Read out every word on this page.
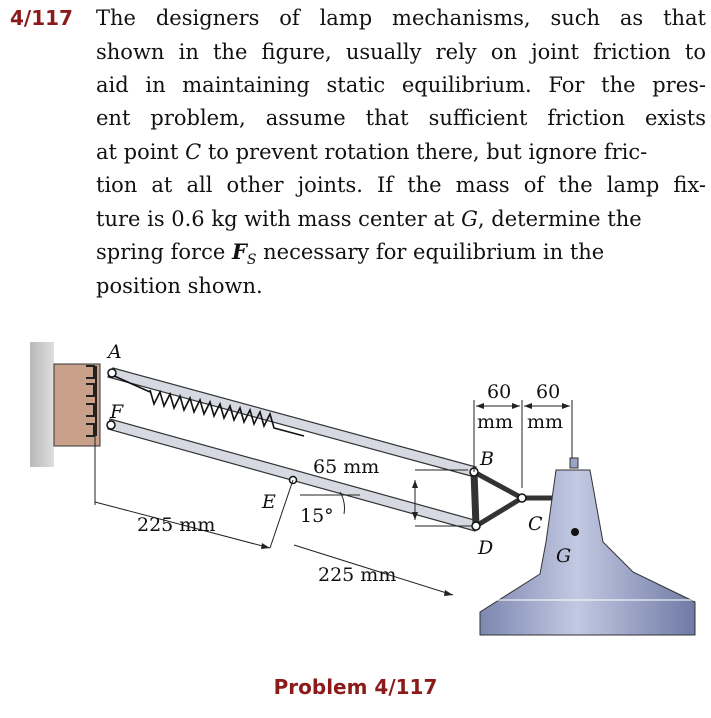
4/117 The designers of lamp mechanisms, such as that
shown in the figure, usually rely on joint friction to
aid in maintaining static equilibrium. For the pres-
ent problem, assume that sufficient friction exists
at point C to prevent rotation there, but ignore fric-
tion at all other joints. If the mass of the lamp fix-
ture is 0.6 kg with mass center at G, determine the
spring force $F_S$ necessary for equilibrium in the
position shown.
A
F
B
C
D
E
G
60 60
mm mm
65 mm
15°
225 mm
225 mm
Problem 4/117
